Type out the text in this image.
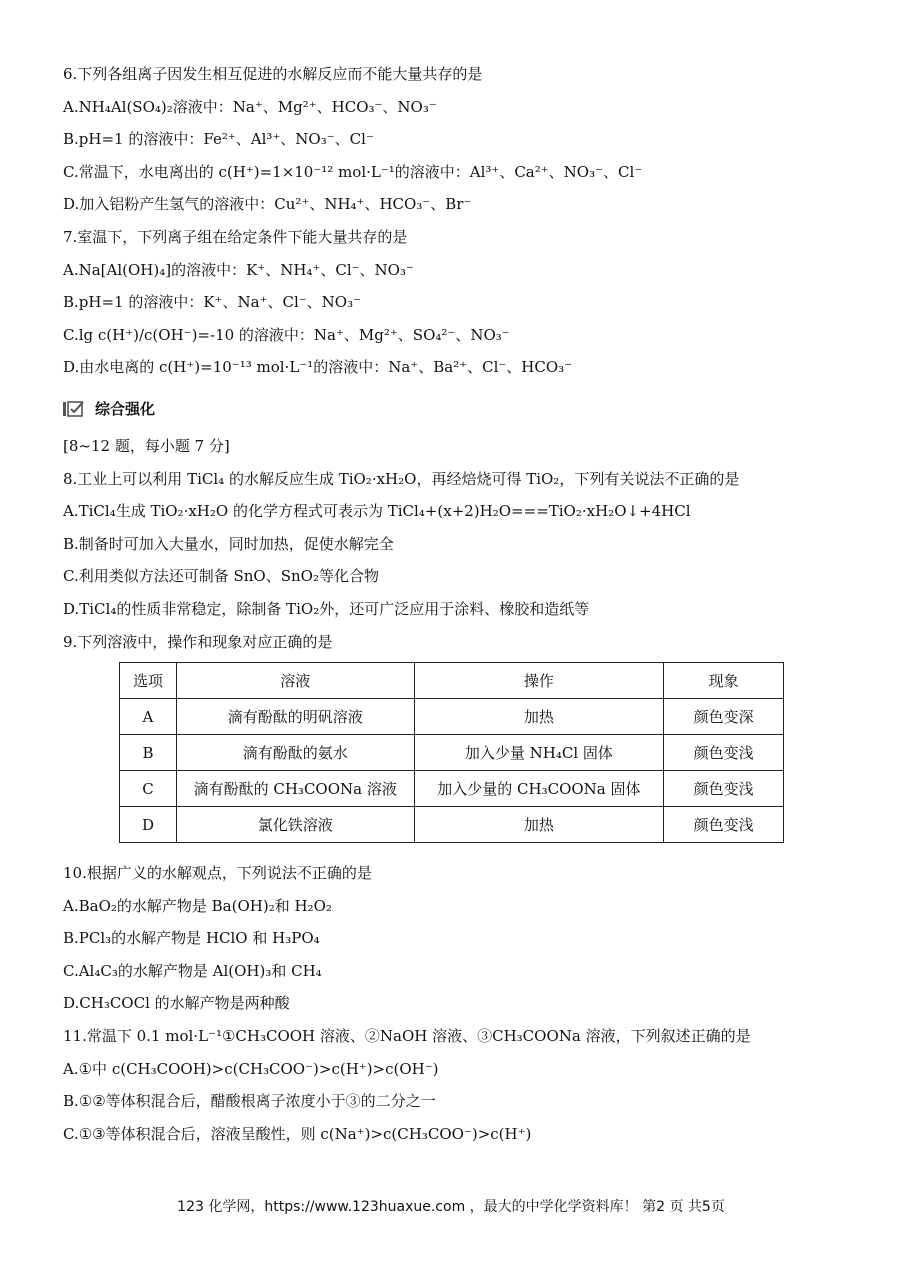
6.下列各组离子因发生相互促进的水解反应而不能大量共存的是
A.NH₄Al(SO₄)₂溶液中：Na⁺、Mg²⁺、HCO₃⁻、NO₃⁻
B.pH=1 的溶液中：Fe²⁺、Al³⁺、NO₃⁻、Cl⁻
C.常温下，水电离出的 c(H⁺)=1×10⁻¹² mol·L⁻¹的溶液中：Al³⁺、Ca²⁺、NO₃⁻、Cl⁻
D.加入铝粉产生氢气的溶液中：Cu²⁺、NH₄⁺、HCO₃⁻、Br⁻
7.室温下，下列离子组在给定条件下能大量共存的是
A.Na[Al(OH)₄]的溶液中：K⁺、NH₄⁺、Cl⁻、NO₃⁻
B.pH=1 的溶液中：K⁺、Na⁺、Cl⁻、NO₃⁻
C.lg c(H⁺)/c(OH⁻)=-10 的溶液中：Na⁺、Mg²⁺、SO₄²⁻、NO₃⁻
D.由水电离的 c(H⁺)=10⁻¹³ mol·L⁻¹的溶液中：Na⁺、Ba²⁺、Cl⁻、HCO₃⁻
综合强化
[8~12 题，每小题 7 分]
8.工业上可以利用 TiCl₄ 的水解反应生成 TiO₂·xH₂O，再经焙烧可得 TiO₂，下列有关说法不正确的是
A.TiCl₄生成 TiO₂·xH₂O 的化学方程式可表示为 TiCl₄+(x+2)H₂O===TiO₂·xH₂O↓+4HCl
B.制备时可加入大量水，同时加热，促使水解完全
C.利用类似方法还可制备 SnO、SnO₂等化合物
D.TiCl₄的性质非常稳定，除制备 TiO₂外，还可广泛应用于涂料、橡胶和造纸等
9.下列溶液中，操作和现象对应正确的是
选项	溶液	操作	现象
A	滴有酚酞的明矾溶液	加热	颜色变深
B	滴有酚酞的氨水	加入少量 NH₄Cl 固体	颜色变浅
C	滴有酚酞的 CH₃COONa 溶液	加入少量的 CH₃COONa 固体	颜色变浅
D	氯化铁溶液	加热	颜色变浅
10.根据广义的水解观点，下列说法不正确的是
A.BaO₂的水解产物是 Ba(OH)₂和 H₂O₂
B.PCl₃的水解产物是 HClO 和 H₃PO₄
C.Al₄C₃的水解产物是 Al(OH)₃和 CH₄
D.CH₃COCl 的水解产物是两种酸
11.常温下 0.1 mol·L⁻¹①CH₃COOH 溶液、②NaOH 溶液、③CH₃COONa 溶液，下列叙述正确的是
A.①中 c(CH₃COOH)>c(CH₃COO⁻)>c(H⁺)>c(OH⁻)
B.①②等体积混合后，醋酸根离子浓度小于③的二分之一
C.①③等体积混合后，溶液呈酸性，则 c(Na⁺)>c(CH₃COO⁻)>c(H⁺)
123 化学网，https://www.123huaxue.com ，最大的中学化学资料库！ 第2 页 共5页
